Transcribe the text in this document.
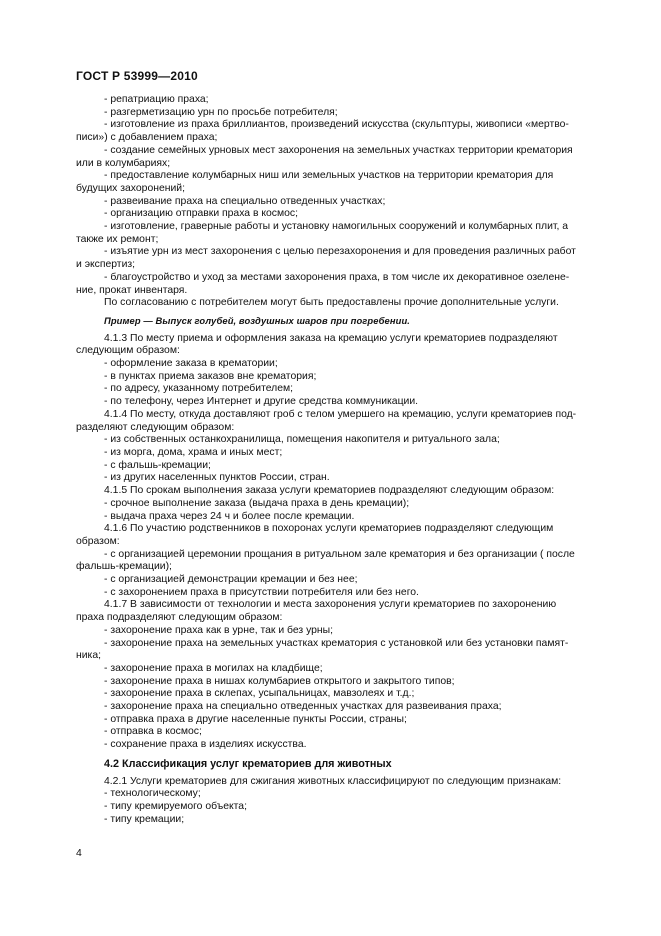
ГОСТ Р 53999—2010

- репатриацию праха;

- разгерметизацию урн по просьбе потребителя;

- изготовление из праха бриллиантов, произведений искусства (скульптуры, живописи «мертво-

писи») с добавлением праха;

- создание семейных урновых мест захоронения на земельных участках территории крематория

или в колумбариях;

- предоставление колумбарных ниш или земельных участков на территории крематория для

будущих захоронений;

- развеивание праха на специально отведенных участках;

- организацию отправки праха в космос;

- изготовление, граверные работы и установку намогильных сооружений и колумбарных плит, а

также их ремонт;

- изъятие урн из мест захоронения с целью перезахоронения и для проведения различных работ

и экспертиз;

- благоустройство и уход за местами захоронения праха, в том числе их декоративное озелене-

ние, прокат инвентаря.

По согласованию с потребителем могут быть предоставлены прочие дополнительные услуги.

Пример — Выпуск голубей, воздушных шаров при погребении.

4.1.3 По месту приема и оформления заказа на кремацию услуги крематориев подразделяют

следующим образом:

- оформление заказа в крематории;

- в пунктах приема заказов вне крематория;

- по адресу, указанному потребителем;

- по телефону, через Интернет и другие средства коммуникации.

4.1.4 По месту, откуда доставляют гроб с телом умершего на кремацию, услуги крематориев под-

разделяют следующим образом:

- из собственных останкохранилища, помещения накопителя и ритуального зала;

- из морга, дома, храма и иных мест;

- с фальшь-кремации;

- из других населенных пунктов России, стран.

4.1.5 По срокам выполнения заказа услуги крематориев подразделяют следующим образом:

- срочное выполнение заказа (выдача праха в день кремации);

- выдача праха через 24 ч и более после кремации.

4.1.6 По участию родственников в похоронах услуги крематориев подразделяют следующим

образом:

- с организацией церемонии прощания в ритуальном зале крематория и без организации ( после

фальшь-кремации);

- с организацией демонстрации кремации и без нее;

- с захоронением праха в присутствии потребителя или без него.

4.1.7 В зависимости от технологии и места захоронения услуги крематориев по захоронению

праха подразделяют следующим образом:

- захоронение праха как в урне, так и без урны;

- захоронение праха на земельных участках крематория с установкой или без установки памят-

ника;

- захоронение праха в могилах на кладбище;

- захоронение праха в нишах колумбариев открытого и закрытого типов;

- захоронение праха в склепах, усыпальницах, мавзолеях и т.д.;

- захоронение праха на специально отведенных участках для развеивания праха;

- отправка праха в другие населенные пункты России, страны;

- отправка в космос;

- сохранение праха в изделиях искусства.

4.2 Классификация услуг крематориев для животных

4.2.1 Услуги крематориев для сжигания животных классифицируют по следующим признакам:

- технологическому;

- типу кремируемого объекта;

- типу кремации;

4
